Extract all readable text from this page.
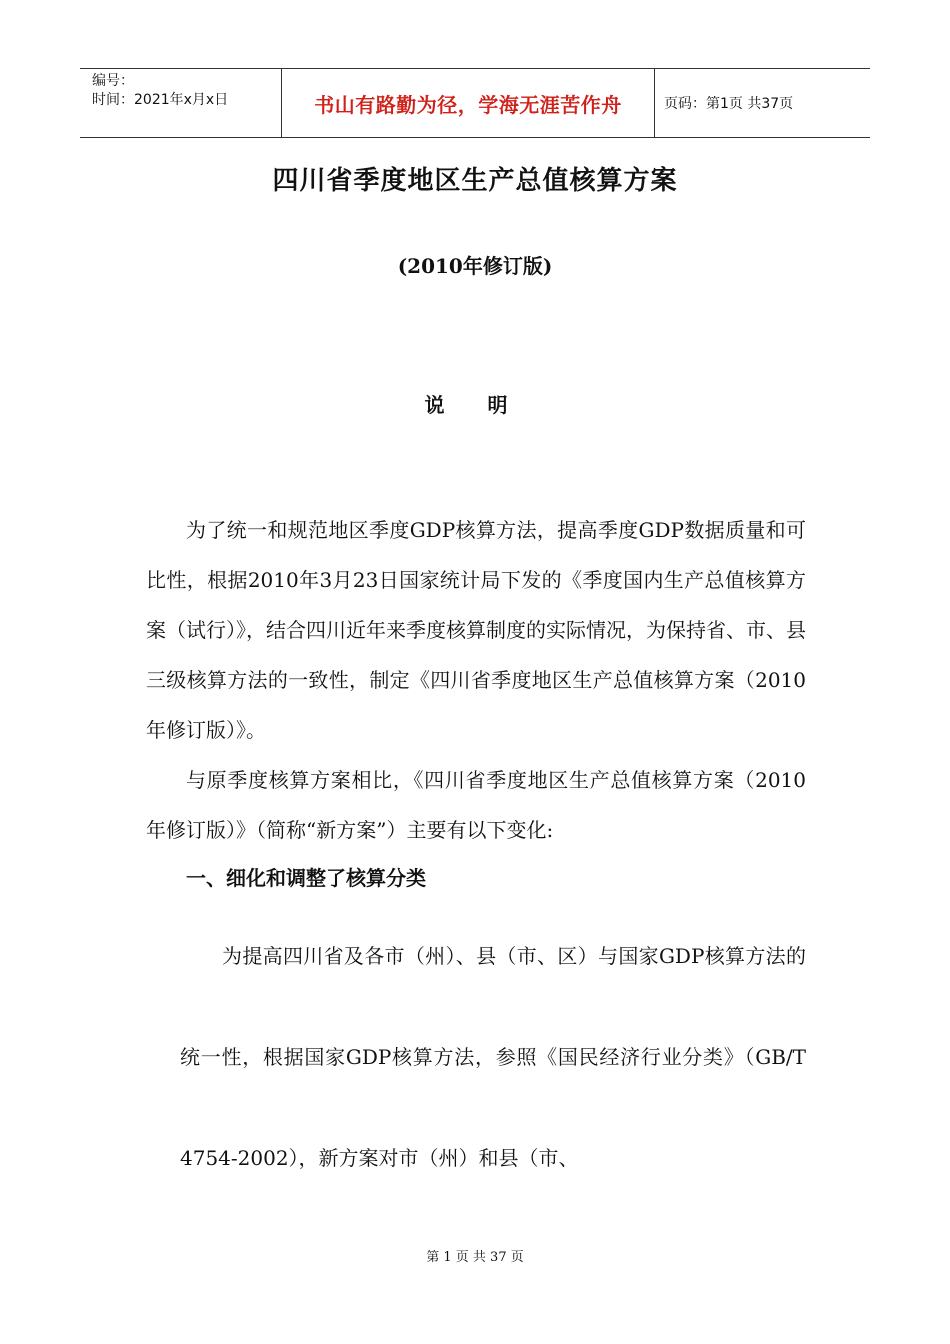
编号：
时间：2021年x月x日	书山有路勤为径，学海无涯苦作舟	页码：第1页 共37页
四川省季度地区生产总值核算方案
(2010年修订版)
说 明
为了统一和规范地区季度GDP核算方法，提高季度GDP数据质量和可比性，根据2010年3月23日国家统计局下发的《季度国内生产总值核算方案（试行）》，结合四川近年来季度核算制度的实际情况，为保持省、市、县三级核算方法的一致性，制定《四川省季度地区生产总值核算方案（2010年修订版）》。
与原季度核算方案相比，《四川省季度地区生产总值核算方案（2010年修订版）》（简称“新方案”）主要有以下变化:
一、细化和调整了核算分类
为提高四川省及各市（州）、县（市、区）与国家GDP核算方法的统一性，根据国家GDP核算方法，参照《国民经济行业分类》（GB/T 4754-2002），新方案对市（州）和县（市、
第 1 页 共 37 页
